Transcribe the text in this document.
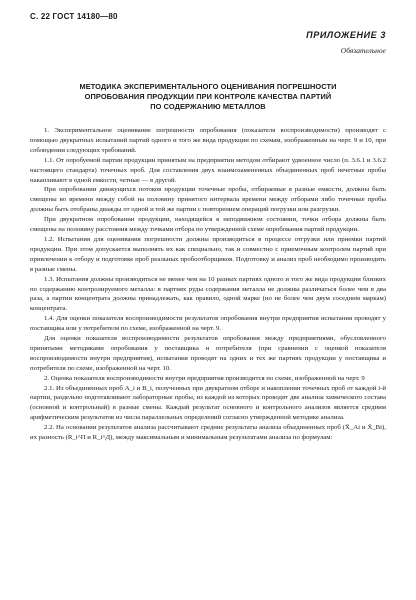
С. 22 ГОСТ 14180—80
ПРИЛОЖЕНИЕ 3
Обязательное
МЕТОДИКА ЭКСПЕРИМЕНТАЛЬНОГО ОЦЕНИВАНИЯ ПОГРЕШНОСТИ
ОПРОБОВАНИЯ ПРОДУКЦИИ ПРИ КОНТРОЛЕ КАЧЕСТВА ПАРТИЙ
ПО СОДЕРЖАНИЮ МЕТАЛЛОВ

1. Экспериментальное оценивание погрешности опробования (показателя воспроизводимости) производят с помощью двукратных испытаний партий одного и того же вида продукции по схемам, изображенным на черт. 9 и 10, при соблюдении следующих требований.

1.1. От опробуемой партии продукции принятым на предприятии методом отбирают удвоенное число (п. 3.6.1 и 3.6.2 настоящего стандарта) точечных проб. Для составления двух взаимозамененных объединенных проб нечетные пробы накапливают в одной емкости, четные — в другой.

При опробовании движущихся потоков продукции точечные пробы, отбираемые в разные емкости, должны быть смещены во времени между собой на половину принятого интервала времени между отборами либо точечные пробы должны быть отобраны дважды от одной и той же партии с повторением операций погрузки или разгрузки.

При двукратном опробовании продукции, находящейся в неподвижном состоянии, точки отбора должны быть смещены на половину расстояния между точками отбора по утвержденной схеме опробования партий продукции.

1.2. Испытания для оценивания погрешности должны производиться в процессе отгрузки или приемки партий продукции. При этом допускается выполнять их как специально, так и совместно с приемочным контролем партий при привлечении к отбору и подготовке проб реальных пробоотборщиков. Подготовку и анализ проб необходимо производить в разные смены.

1.3. Испытания должны производиться не менее чем на 10 разных партиях одного и того же вида продукции близких по содержанию контролируемого металла: в партиях руды содержания металла не должны различаться более чем в два раза, а партии концентрата должны принадлежать, как правило, одной марке (но не более чем двум соседним маркам) концентрата.

1.4. Для оценки показателя воспроизводимости результатов опробования внутри предприятия испытания проводят у поставщика или у потребителя по схеме, изображенной на черт. 9.

Для оценки показателя воспроизводимости результатов опробования между предприятиями, обусловленного принятыми методиками опробования у поставщика и потребителя (при сравнении с оценкой показателя воспроизводимости внутри предприятия), испытания проводят на одних и тех же партиях продукции у поставщика и потребителя по схеме, изображенной на черт. 10.

2. Оценка показателя воспроизводимости внутри предприятия производится по схеме, изображенной на черт. 9

2.1. Из объединенных проб A_i и B_i, полученных при двукратном отборе и накоплении точечных проб от каждой i-й партии, раздельно подготавливают лабораторные пробы, из каждой из которых проводят две анализа химического состава (основной и контрольный) в разные смены. Каждый результат основного и контрольного анализов является средним арифметическим результатов из числа параллельных определений согласно утвержденной методике анализа.

2.2. На основании результатов анализа рассчитывают средние результаты анализа объединенных проб (X̄_Ai и X̄_Bi), их разность (R_i^П и R_i^Д), между максимальным и минимальным результатами анализа по формулам:
